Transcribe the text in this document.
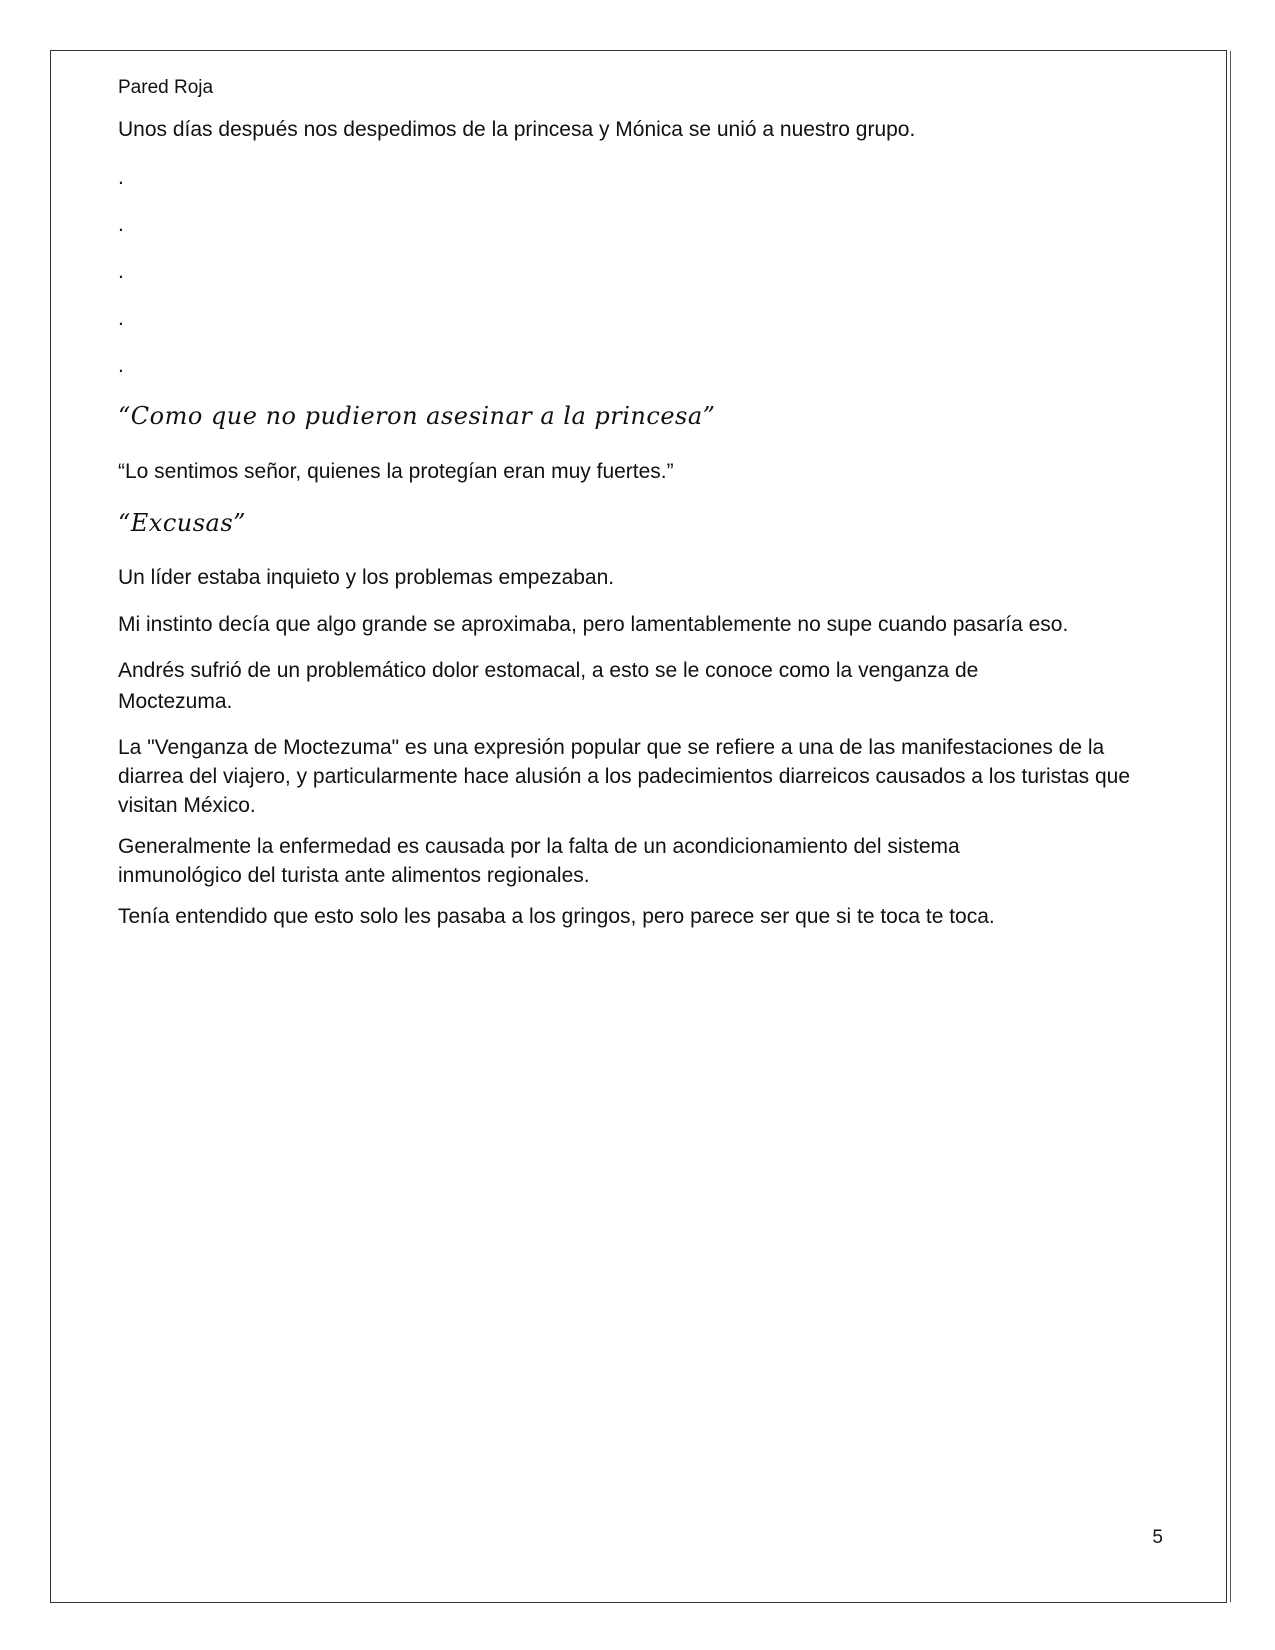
Pared Roja

Unos días después nos despedimos de la princesa y Mónica se unió a nuestro grupo.

.

.

.

.

.

“Como que no pudieron asesinar a la princesa”

“Lo sentimos señor, quienes la protegían eran muy fuertes.”

“Excusas”

Un líder estaba inquieto y los problemas empezaban.

Mi instinto decía que algo grande se aproximaba, pero lamentablemente no supe cuando pasaría eso.

Andrés sufrió de un problemático dolor estomacal, a esto se le conoce como la venganza de Moctezuma.

La "Venganza de Moctezuma" es una expresión popular que se refiere a una de las manifestaciones de la diarrea del viajero, y particularmente hace alusión a los padecimientos diarreicos causados a los turistas que visitan México.

Generalmente la enfermedad es causada por la falta de un acondicionamiento del sistema inmunológico del turista ante alimentos regionales.

Tenía entendido que esto solo les pasaba a los gringos, pero parece ser que si te toca te toca.

5
